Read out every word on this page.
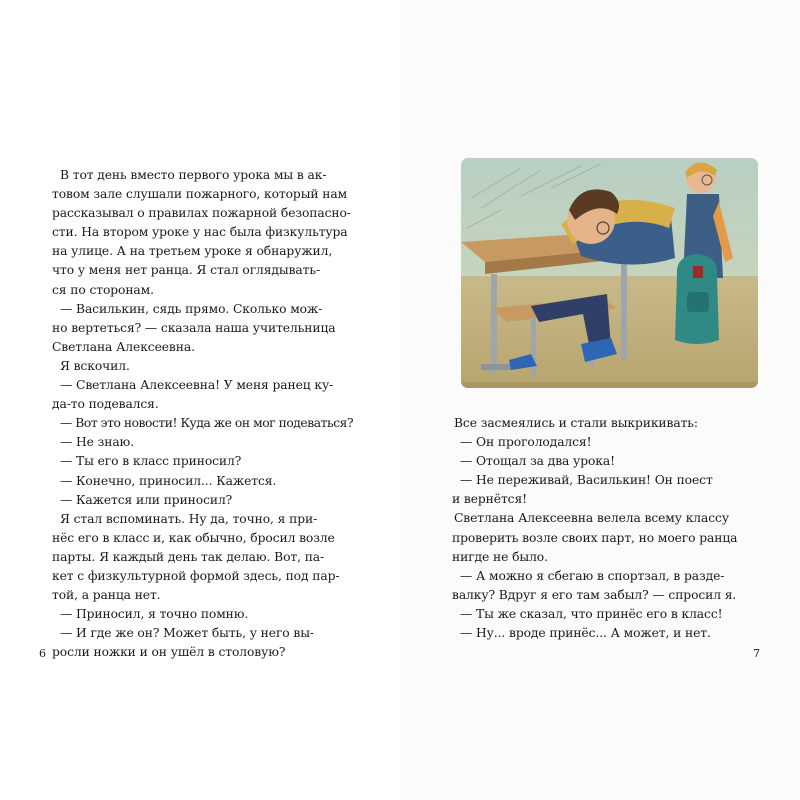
В тот день вместо первого урока мы в ак-

товом зале слушали пожарного, который нам

рассказывал о правилах пожарной безопасно-

сти. На втором уроке у нас была физкультура

на улице. А на третьем уроке я обнаружил,

что у меня нет ранца. Я стал оглядывать-

ся по сторонам.

— Василькин, сядь прямо. Сколько мож-

но вертеться? — сказала наша учительница

Светлана Алексеевна.

Я вскочил.

— Светлана Алексеевна! У меня ранец ку-

да-то подевался.

— Вот это новости! Куда же он мог подеваться?

— Не знаю.

— Ты его в класс приносил?

— Конечно, приносил... Кажется.

— Кажется или приносил?

Я стал вспоминать. Ну да, точно, я при-

нёс его в класс и, как обычно, бросил возле

парты. Я каждый день так делаю. Вот, па-

кет с физкультурной формой здесь, под пар-

той, а ранца нет.

— Приносил, я точно помню.

— И где же он? Может быть, у него вы-

росли ножки и он ушёл в столовую?

6

Все засмеялись и стали выкрикивать:

— Он проголодался!

— Отощал за два урока!

— Не переживай, Василькин! Он поест

и вернётся!

Светлана Алексеевна велела всему классу

проверить возле своих парт, но моего ранца

нигде не было.

— А можно я сбегаю в спортзал, в разде-

валку? Вдруг я его там забыл? — спросил я.

— Ты же сказал, что принёс его в класс!

— Ну... вроде принёс... А может, и нет.

7
